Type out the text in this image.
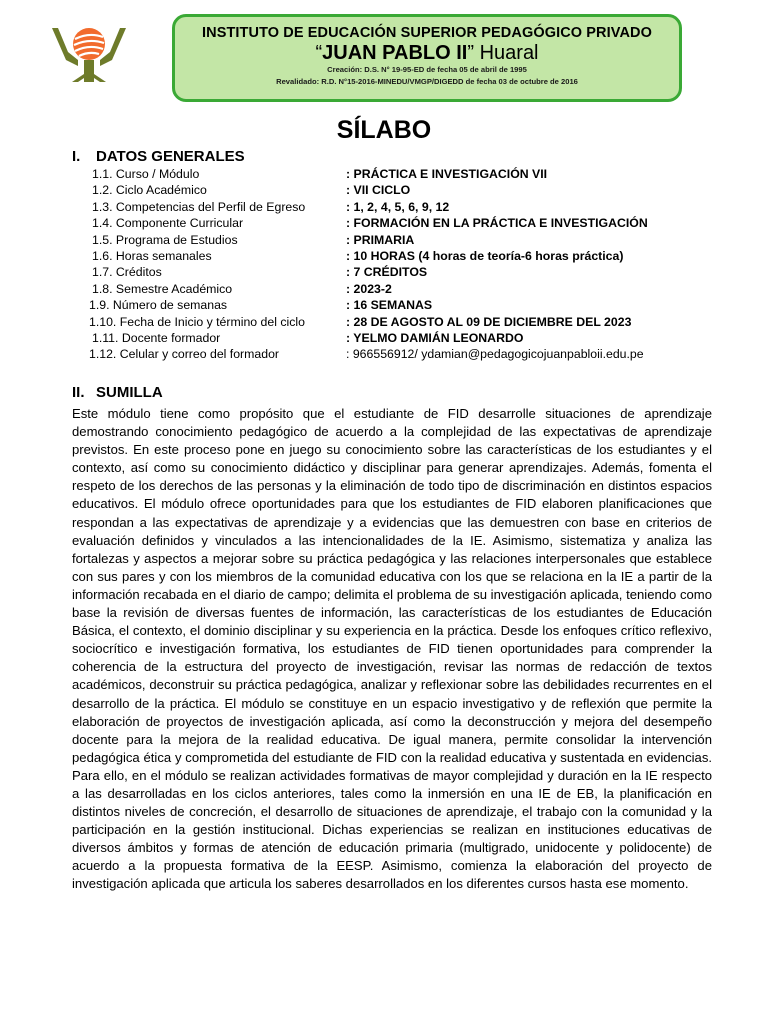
INSTITUTO DE EDUCACIÓN SUPERIOR PEDAGÓGICO PRIVADO
“JUAN PABLO II” Huaral
Creación: D.S. N° 19-95-ED de fecha 05 de abril de 1995
Revalidado: R.D. N°15-2016-MINEDU/VMGP/DIGEDD de fecha 03 de octubre de 2016
SÍLABO
I. DATOS GENERALES
1.1. Curso / Módulo	: PRÁCTICA E INVESTIGACIÓN VII
1.2. Ciclo Académico	: VII CICLO
1.3. Competencias del Perfil de Egreso	: 1, 2, 4, 5, 6, 9, 12
1.4. Componente Curricular	: FORMACIÓN EN LA PRÁCTICA E INVESTIGACIÓN
1.5. Programa de Estudios	: PRIMARIA
1.6. Horas semanales	: 10 HORAS (4 horas de teoría-6 horas práctica)
1.7. Créditos	: 7 CRÉDITOS
1.8. Semestre Académico	: 2023-2
1.9. Número de semanas	: 16 SEMANAS
1.10. Fecha de Inicio y término del ciclo	: 28 DE AGOSTO AL 09 DE DICIEMBRE DEL 2023
1.11. Docente formador	: YELMO DAMIÁN LEONARDO
1.12. Celular y correo del formador	: 966556912/ ydamian@pedagogicojuanpabloii.edu.pe
II. SUMILLA
Este módulo tiene como propósito que el estudiante de FID desarrolle situaciones de aprendizaje demostrando conocimiento pedagógico de acuerdo a la complejidad de las expectativas de aprendizaje previstos. En este proceso pone en juego su conocimiento sobre las características de los estudiantes y el contexto, así como su conocimiento didáctico y disciplinar para generar aprendizajes. Además, fomenta el respeto de los derechos de las personas y la eliminación de todo tipo de discriminación en distintos espacios educativos. El módulo ofrece oportunidades para que los estudiantes de FID elaboren planificaciones que respondan a las expectativas de aprendizaje y a evidencias que las demuestren con base en criterios de evaluación definidos y vinculados a las intencionalidades de la IE. Asimismo, sistematiza y analiza las fortalezas y aspectos a mejorar sobre su práctica pedagógica y las relaciones interpersonales que establece con sus pares y con los miembros de la comunidad educativa con los que se relaciona en la IE a partir de la información recabada en el diario de campo; delimita el problema de su investigación aplicada, teniendo como base la revisión de diversas fuentes de información, las características de los estudiantes de Educación Básica, el contexto, el dominio disciplinar y su experiencia en la práctica. Desde los enfoques crítico reflexivo, sociocrítico e investigación formativa, los estudiantes de FID tienen oportunidades para comprender la coherencia de la estructura del proyecto de investigación, revisar las normas de redacción de textos académicos, deconstruir su práctica pedagógica, analizar y reflexionar sobre las debilidades recurrentes en el desarrollo de la práctica. El módulo se constituye en un espacio investigativo y de reflexión que permite la elaboración de proyectos de investigación aplicada, así como la deconstrucción y mejora del desempeño docente para la mejora de la realidad educativa. De igual manera, permite consolidar la intervención pedagógica ética y comprometida del estudiante de FID con la realidad educativa y sustentada en evidencias. Para ello, en el módulo se realizan actividades formativas de mayor complejidad y duración en la IE respecto a las desarrolladas en los ciclos anteriores, tales como la inmersión en una IE de EB, la planificación en distintos niveles de concreción, el desarrollo de situaciones de aprendizaje, el trabajo con la comunidad y la participación en la gestión institucional. Dichas experiencias se realizan en instituciones educativas de diversos ámbitos y formas de atención de educación primaria (multigrado, unidocente y polidocente) de acuerdo a la propuesta formativa de la EESP. Asimismo, comienza la elaboración del proyecto de investigación aplicada que articula los saberes desarrollados en los diferentes cursos hasta ese momento.
